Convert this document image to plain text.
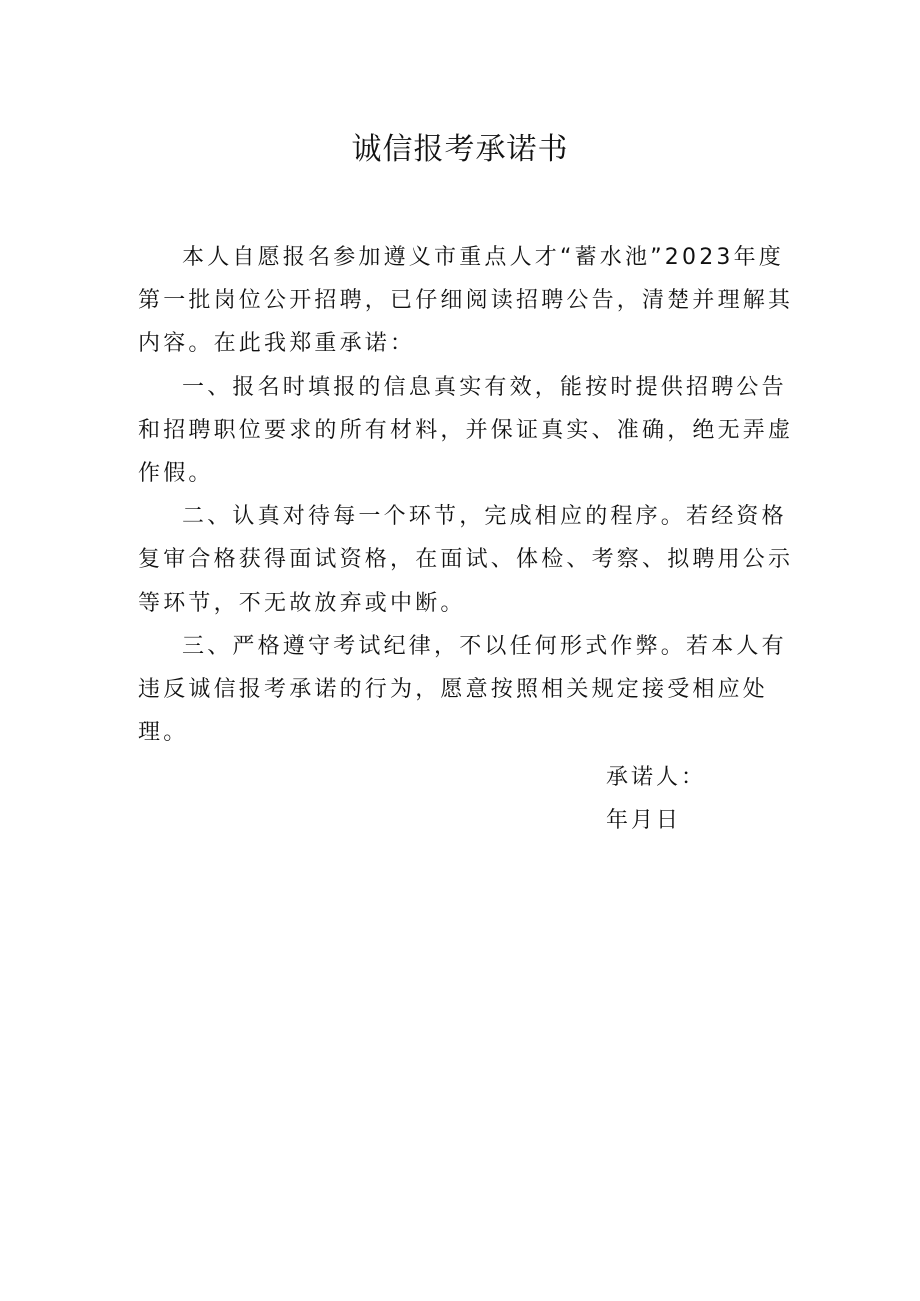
诚信报考承诺书

本人自愿报名参加遵义市重点人才“蓄水池”2023年度第一批岗位公开招聘，已仔细阅读招聘公告，清楚并理解其内容。在此我郑重承诺：

一、报名时填报的信息真实有效，能按时提供招聘公告和招聘职位要求的所有材料，并保证真实、准确，绝无弄虚作假。

二、认真对待每一个环节，完成相应的程序。若经资格复审合格获得面试资格，在面试、体检、考察、拟聘用公示等环节，不无故放弃或中断。

三、严格遵守考试纪律，不以任何形式作弊。若本人有违反诚信报考承诺的行为，愿意按照相关规定接受相应处理。

承诺人：
年月日
